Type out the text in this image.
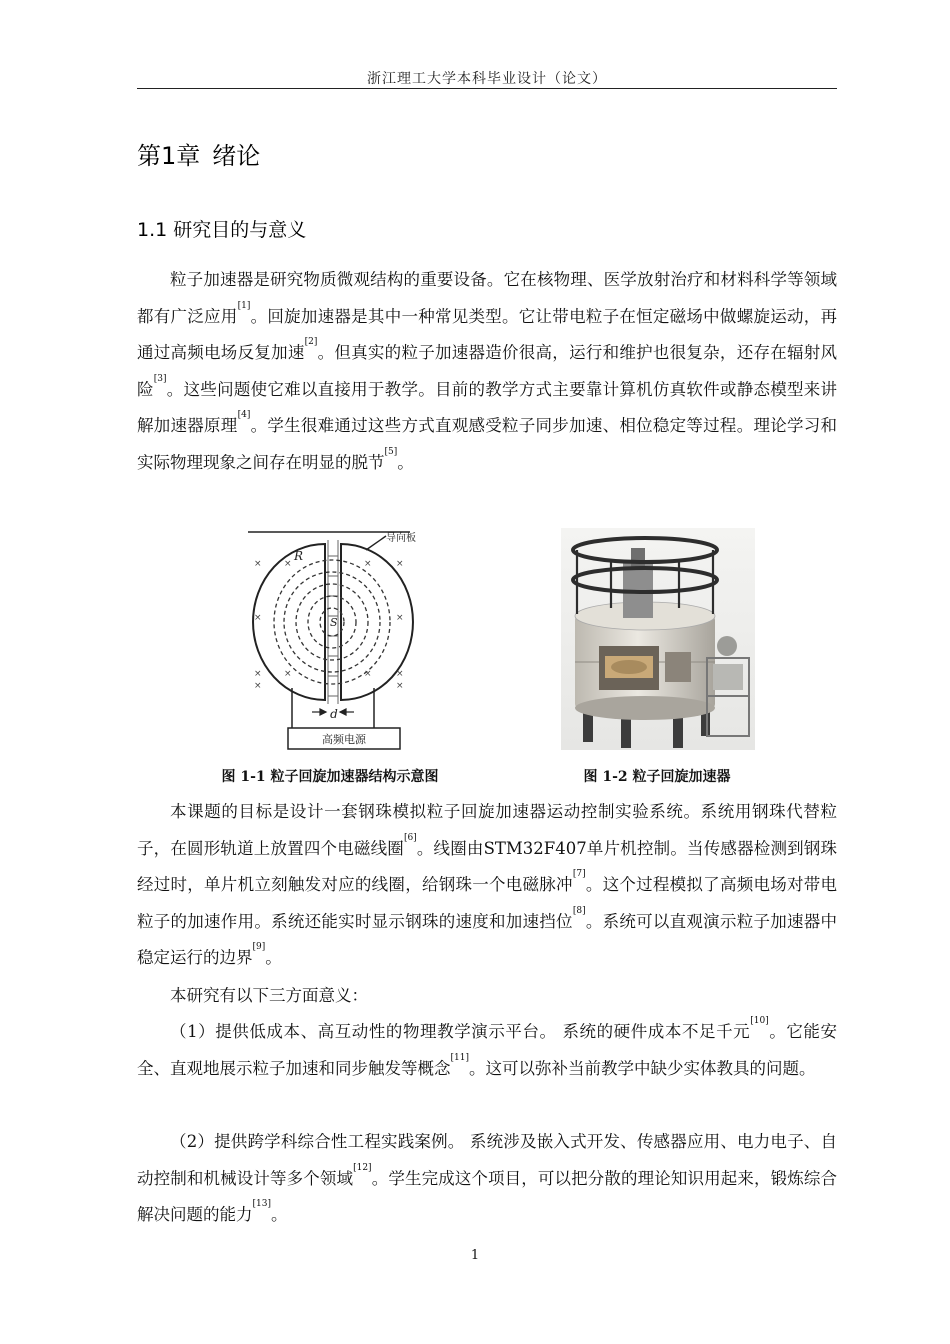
浙江理工大学本科毕业设计（论文）
第1章 绪论
1.1 研究目的与意义

粒子加速器是研究物质微观结构的重要设备。它在核物理、医学放射治疗和材料科学等领域都有广泛应用[1]。回旋加速器是其中一种常见类型。它让带电粒子在恒定磁场中做螺旋运动，再通过高频电场反复加速[2]。但真实的粒子加速器造价很高，运行和维护也很复杂，还存在辐射风险[3]。这些问题使它难以直接用于教学。目前的教学方式主要靠计算机仿真软件或静态模型来讲解加速器原理[4]。学生很难通过这些方式直观感受粒子同步加速、相位稳定等过程。理论学习和实际物理现象之间存在明显的脱节[5]。

× ×	×	×
×	×
× ×	×	×
×	×
导向板
R
S
d
高频电源
图 1-1 粒子回旋加速器结构示意图	图 1-2 粒子回旋加速器

本课题的目标是设计一套钢珠模拟粒子回旋加速器运动控制实验系统。系统用钢珠代替粒子，在圆形轨道上放置四个电磁线圈[6]。线圈由STM32F407单片机控制。当传感器检测到钢珠经过时，单片机立刻触发对应的线圈，给钢珠一个电磁脉冲[7]。这个过程模拟了高频电场对带电粒子的加速作用。系统还能实时显示钢珠的速度和加速挡位[8]。系统可以直观演示粒子加速器中稳定运行的边界[9]。

本研究有以下三方面意义：

（1）提供低成本、高互动性的物理教学演示平台。 系统的硬件成本不足千元[10]。它能安全、直观地展示粒子加速和同步触发等概念[11]。这可以弥补当前教学中缺少实体教具的问题。

（2）提供跨学科综合性工程实践案例。 系统涉及嵌入式开发、传感器应用、电力电子、自动控制和机械设计等多个领域[12]。学生完成这个项目，可以把分散的理论知识用起来，锻炼综合解决问题的能力[13]。

1
